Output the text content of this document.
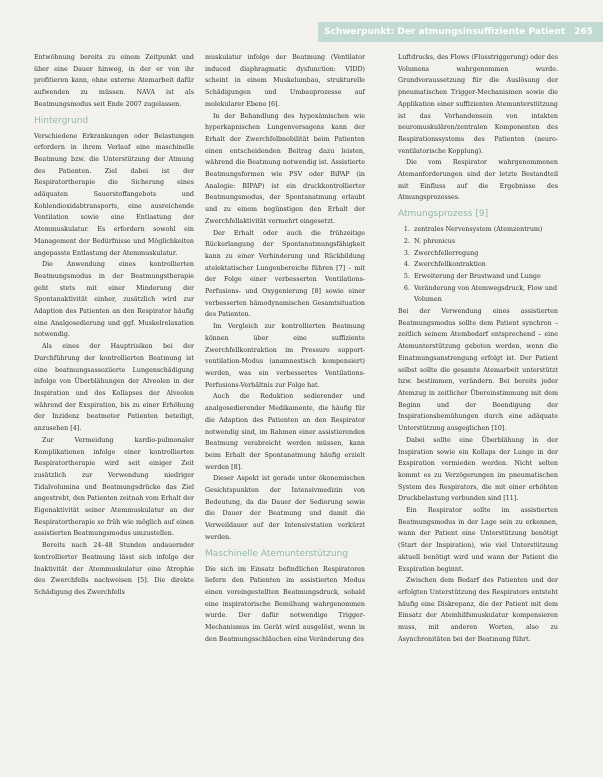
Schwerpunkt: Der atmungsinsuffiziente Patient 265

Entwöhnung bereits zu einem Zeitpunkt und über eine Dauer hinweg, in der er von ihr profitieren kann, ohne externe Atemarbeit dafür aufwenden zu müssen. NAVA ist als Beatmungsmodus seit Ende 2007 zugelassen.

Hintergrund

Verschiedene Erkrankungen oder Belastungen erfordern in ihrem Verlauf eine maschinelle Beatmung bzw. die Unterstützung der Atmung des Patienten. Ziel dabei ist der Respiratortherapie die Sicherung eines adäquaten Sauerstoffangebots und Kohlendioxidabtransports, eine ausreichende Ventilation sowie eine Entlastung der Atemmuskulatur. Es erfordern sowohl ein Management der Bedürfnisse und Möglichkeiten angepasste Entlastung der Atemmuskulatur.

Die Anwendung eines kontrollierten Beatmungsmodus in der Beatmungstherapie geht stets mit einer Minderung der Spontanaktivität einher, zusätzlich wird zur Adaption des Patienten an den Respirator häufig eine Analgosedierung und ggf. Muskelrelaxation notwendig.

Als eines der Hauptrisiken bei der Durchführung der kontrollierten Beatmung ist eine beatmungsassoziierte Lungenschädigung infolge von Überblähungen der Alveolen in der Inspiration und des Kollapses der Alveolen während der Exspiration, bis zu einer Erhöhung der Inzidenz beatmeter Patienten beteiligt, anzusehen [4].

Zur Vermeidung kardio-pulmonaler Komplikationen infolge einer kontrollierten Respiratortherapie wird seit einiger Zeit zusätzlich zur Verwendung niedriger Tidalvolumina und Beatmungsdrücke das Ziel angestrebt, den Patienten zeitnah vom Erhalt der Eigenaktivität seiner Atemmuskulatur an der Respiratortherapie so früh wie möglich auf einen assistierten Beatmungsmodus umzustellen.

Bereits nach 24–48 Stunden andauernder kontrollierter Beatmung lässt sich infolge der Inaktivität der Atemmuskulatur eine Atrophie des Zwerchfells nachweisen [5]. Die direkte Schädigung des Zwerchfells

muskulatur infolge der Beatmung (Ventilator induced diaphragmatic dysfunction: VIDD) scheint in einem Muskelumbau, strukturelle Schädigungen und Umbauprozesse auf molekularer Ebene [6].

In der Behandlung des hypoxämischen wie hyperkapnischen Lungenversagens kann der Erhalt der Zwerchfellmobilität beim Patienten einen entscheidenden Beitrag dazu leisten, während die Beatmung notwendig ist. Assistierte Beatmungsformen wie PSV oder BiPAP (in Analogie: BIPAP) ist ein druckkontrollierter Beatmungsmodus, der Spontanatmung erlaubt und zu einem begünstigen den Erhalt der Zwerchfellaktivität vermehrt eingesetzt.

Der Erhalt oder auch die frühzeitige Rückerlangung der Spontanatmungsfähigkeit kann zu einer Verhinderung und Rückbildung atelektatischer Lungenbereiche führen [7] – mit der Folge einer verbesserten Ventilations-Perfusions- und Oxygenierung [8] sowie einer verbesserten hämodynamischen Gesamtsituation des Patienten.

Im Vergleich zur kontrollierten Beatmung können über eine suffiziente Zwerchfellkontraktion im Pressure support-ventilation-Modus (anamnestisch kompensiert) werden, was ein verbessertes Ventilations-Perfusions-Verhältnis zur Folge hat.

Auch die Reduktion sedierender und analgosedierender Medikamente, die häufig für die Adaption des Patienten an den Respirator notwendig sind, im Rahmen einer assistierenden Beatmung verabreicht werden müssen, kann beim Erhalt der Spontanatmung häufig erzielt werden [8].

Dieser Aspekt ist gerade unter ökonomischen Gesichtspunkten der Intensivmedizin von Bedeutung, da die Dauer der Sedierung sowie die Dauer der Beatmung und damit die Verweildauer auf der Intensivstation verkürzt werden.

Maschinelle Atemunterstützung

Die sich im Einsatz befindlichen Respiratoren liefern den Patienten im assistierten Modus einen voreingestellten Beatmungsdruck, sobald eine inspiratorische Bemühung wahrgenommen wurde. Der dafür notwendige Trigger-Mechanismus im Gerät wird ausgelöst, wenn in den Beatmungsschläuchen eine Veränderung des

Luftdrucks, des Flows (Flusstriggerung) oder des Volumens wahrgenommen wurde. Grundvoraussetzung für die Auslösung der pneumatischen Trigger-Mechanismen sowie die Applikation einer suffizienten Atemunterstützung ist das Vorhandensein von intakten neuromuskulären/zentralen Komponenten des Respirationssystems des Patienten (neuro-ventilatorische Kopplung).

Die vom Respirator wahrgenommenen Atemanforderungen sind der letzte Bestandteil mit Einfluss auf die Ergebnisse des Atmungsprozesses.

Atmungsprozess [9]
1. zentrales Nervensystem (Atemzentrum)
2. N. phrenicus
3. Zwerchfellerregung
4. Zwerchfellkontraktion
5. Erweiterung der Brustwand und Lunge
6. Veränderung von Atemwegsdruck, Flow und Volumen

Bei der Verwendung eines assistierten Beatmungsmodus sollte dem Patient synchron – zeitlich seinem Atembedarf entsprechend – eine Atemunterstützung geboten werden, wenn die Einatmungsanstrengung erfolgt ist. Der Patient selbst sollte die gesamte Atemarbeit unterstützt bzw. bestimmen, verändern. Bei bereits jeder Atemzug in zeitlicher Übereinstimmung mit dem Beginn und der Beendigung der Inspirationsbemühungen durch eine adäquate Unterstützung ausgeglichen [10].

Dabei sollte eine Überblähung in der Inspiration sowie ein Kollaps der Lunge in der Exspiration vermieden werden. Nicht selten kommt es zu Verzögerungen im pneumatischen System des Respirators, die mit einer erhöhten Druckbelastung verbunden sind [11].

Ein Respirator sollte im assistierten Beatmungsmodus in der Lage sein zu erkennen, wann der Patient eine Unterstützung benötigt (Start der Inspiration), wie viel Unterstützung aktuell benötigt wird und wann der Patient die Exspiration beginnt.

Zwischen dem Bedarf des Patienten und der erfolgten Unterstützung des Respirators entsteht häufig eine Diskrepanz, die der Patient mit dem Einsatz der Atemhilfsmuskulatur kompensieren muss, mit anderen Worten, also zu Asynchronitäten bei der Beatmung führt.
